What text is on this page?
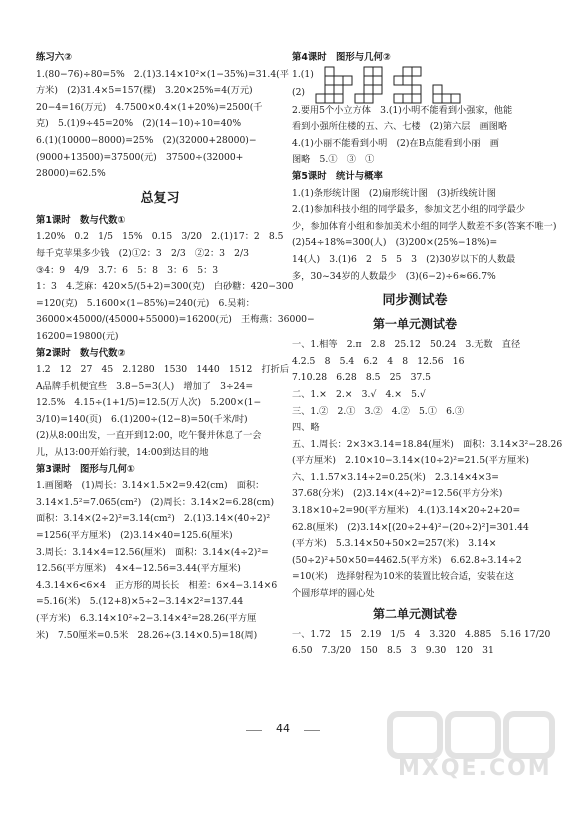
练习六②
1.(80−76)÷80=5%　2.(1)3.14×10²×(1−35%)=31.4(平
方米)　(2)31.4×5=157(棵)　3.20×25%=4(万元)
20−4=16(万元)　4.7500×0.4×(1+20%)=2500(千
克)　5.(1)9÷45=20%　(2)(14−10)÷10=40%
6.(1)(10000−8000)=25%　(2)(32000+28000)−
(9000+13500)=37500(元)　37500÷(32000+
28000)=62.5%
总复习
第1课时　数与代数①
1.20%　0.2　1/5　15%　0.15　3/20　2.(1)17：2　8.5
每千克苹果多少钱　(2)①2：3　2/3　②2：3　2/3
③4：9　4/9　3.7：6　5：8　3：6　5：3
1：3　4.芝麻：420×5/(5+2)=300(克)　白砂糖：420−300
=120(克)　5.1600×(1−85%)=240(元)　6.吴莉：
36000×45000/(45000+55000)=16200(元)　王梅燕：36000−
16200=19800(元)
第2课时　数与代数②
1.2　12　27　45　2.1280　1530　1440　1512　打折后
A品牌手机便宜些　3.8−5=3(人)　增加了　3÷24=
12.5%　4.15÷(1+1/5)=12.5(万人次)　5.200×(1−
3/10)=140(页)　6.(1)200÷(12−8)=50(千米/时)
(2)从8:00出发，一直开到12:00，吃午餐并休息了一会
儿，从13:00开始行驶，14:00到达目的地
第3课时　图形与几何①
1.画图略　(1)周长：3.14×1.5×2=9.42(cm)　面积：
3.14×1.5²=7.065(cm²)　(2)周长：3.14×2=6.28(cm)
面积：3.14×(2÷2)²=3.14(cm²)　2.(1)3.14×(40÷2)²
=1256(平方厘米)　(2)3.14×40=125.6(厘米)
3.周长：3.14×4=12.56(厘米)　面积：3.14×(4÷2)²=
12.56(平方厘米)　4×4−12.56=3.44(平方厘米)
4.3.14×6<6×4　正方形的周长长　相差：6×4−3.14×6
=5.16(米)　5.(12+8)×5÷2−3.14×2²=137.44
(平方米)　6.3.14×10²÷2−3.14×4²=28.26(平方厘
米)　7.50厘米=0.5米　28.26÷(3.14×0.5)=18(周)
第4课时　图形与几何②
1.(1)
(2)
2.要用5个小立方体　3.(1)小明不能看到小强家，他能
看到小强所住楼的五、六、七楼　(2)第六层　画图略
4.(1)小丽不能看到小明　(2)在B点能看到小丽　画
图略　5.①　③　①
第5课时　统计与概率
1.(1)条形统计图　(2)扇形统计图　(3)折线统计图
2.(1)参加科技小组的同学最多，参加文艺小组的同学最少
少，参加体育小组和参加美术小组的同学人数差不多(答案不唯一)
(2)54÷18%=300(人)　(3)200×(25%−18%)=
14(人)　3.(1)6　2　5　5　3　(2)30岁以下的人数最
多，30~34岁的人数最少　(3)(6−2)÷6≈66.7%
同步测试卷
第一单元测试卷
一、1.相等　2.π　2.8　25.12　50.24　3.无数　直径
4.2.5　8　5.4　6.2　4　8　12.56　16
7.10.28　6.28　8.5　25　37.5
二、1.×　2.×　3.√　4.×　5.√
三、1.②　2.①　3.②　4.②　5.①　6.③
四、略
五、1.周长：2×3×3.14=18.84(厘米)　面积：3.14×3²−28.26
(平方厘米)　2.10×10−3.14×(10÷2)²=21.5(平方厘米)
六、1.1.57×3.14÷2=0.25(米)　2.3.14×4×3=
37.68(分米)　(2)3.14×(4÷2)²=12.56(平方分米)
3.18×10÷2=90(平方厘米)　4.(1)3.14×20÷2+20=
62.8(厘米)　(2)3.14×[(20÷2+4)²−(20÷2)²]=301.44
(平方米)　5.3.14×50+50×2=257(米)　3.14×
(50÷2)²+50×50=4462.5(平方米)　6.62.8÷3.14÷2
=10(米)　选择射程为10米的装置比较合适，安装在这
个圆形草坪的圆心处
第二单元测试卷
一、1.72　15　2.19　1/5　4　3.320　4.885　5.16 17/20
6.50　7.3/20　150　8.5　3　9.30　120　31
44
MXQE.COM
